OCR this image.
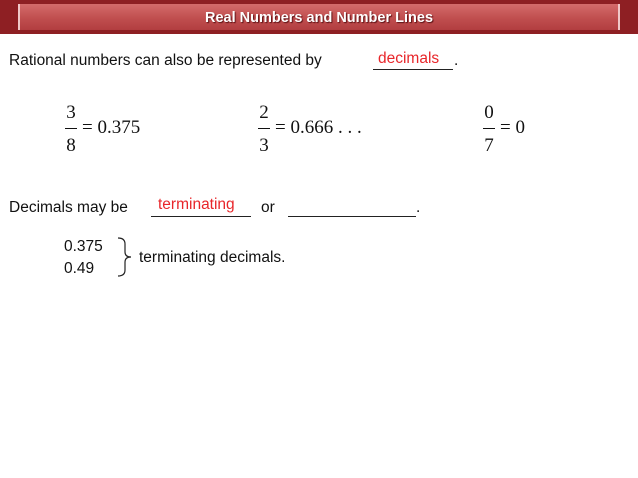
Real Numbers and Number Lines
Rational numbers can also be represented by	decimals .
3
8
= 0.375
2
3
= 0.666 . . .
0
7
= 0
Decimals may be terminating or	.
0.375
0.49
terminating decimals.
